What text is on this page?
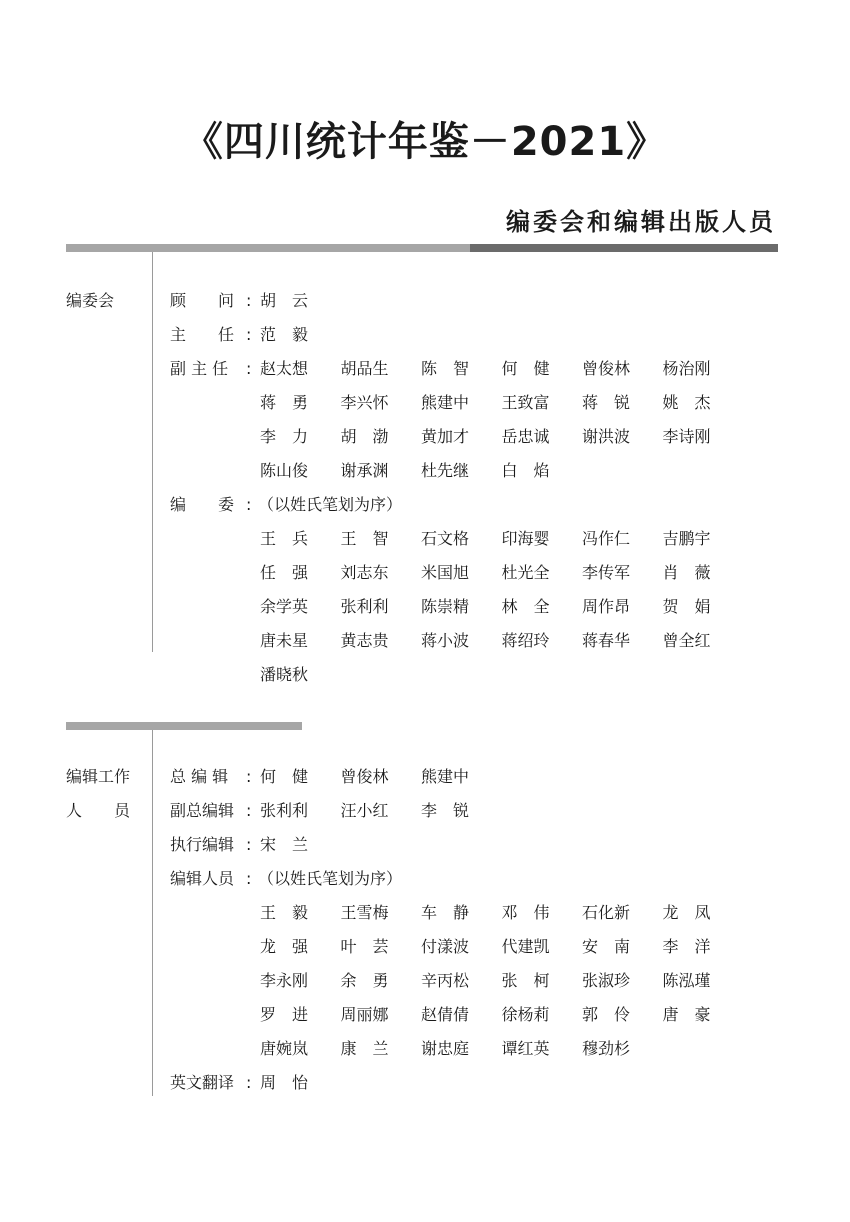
《四川统计年鉴－2021》
编委会和编辑出版人员
编委会
编辑工作
人　　员
顾　　问 : 胡　云
主　　任 : 范　毅
副 主 任	: 赵太想 胡品生 陈　智 何　健 曾俊林 杨治刚
蒋　勇 李兴怀 熊建中 王致富 蒋　锐 姚　杰
李　力 胡　渤 黄加才 岳忠诚 谢洪波 李诗刚
陈山俊 谢承渊 杜先继 白　焰
编　　委 : （以姓氏笔划为序）
王　兵 王　智 石文格 印海婴 冯作仁 吉鹏宇
任　强 刘志东 米国旭 杜光全 李传军 肖　薇
余学英 张利利 陈崇精 林　全 周作昂 贺　娟
唐未星 黄志贵 蒋小波 蒋绍玲 蒋春华 曾全红
潘晓秋
总 编 辑	: 何　健 曾俊林 熊建中
副总编辑 : 张利利 汪小红 李　锐
执行编辑 : 宋　兰
编辑人员 : （以姓氏笔划为序）
王　毅 王雪梅 车　静 邓　伟 石化新 龙　凤
龙　强 叶　芸 付漾波 代建凯 安　南 李　洋
李永刚 余　勇 辛丙松 张　柯 张淑珍 陈泓瑾
罗　进 周丽娜 赵倩倩 徐杨莉 郭　伶 唐　豪
唐婉岚 康　兰 谢忠庭 谭红英 穆劲杉
英文翻译 : 周　怡
